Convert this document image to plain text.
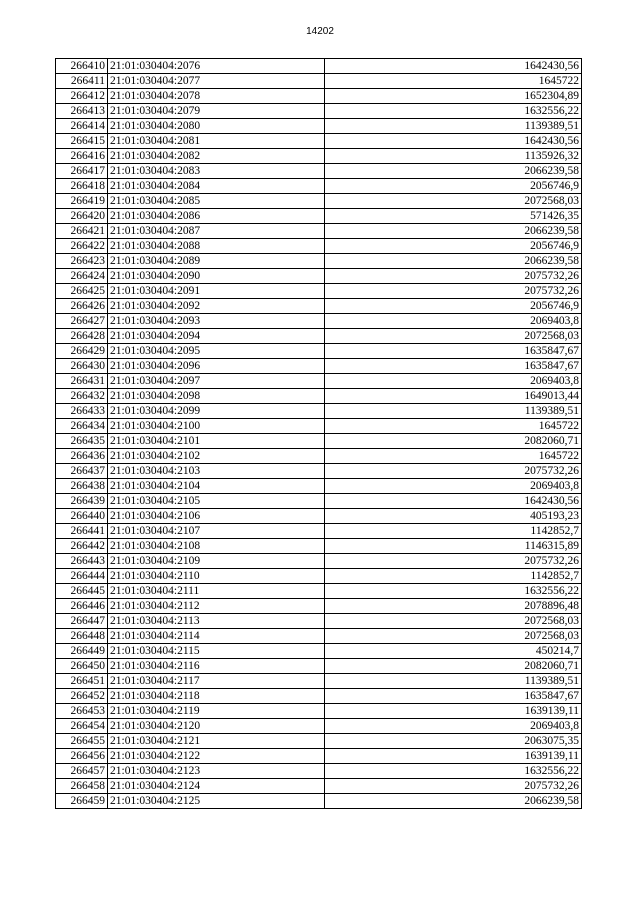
14202
266410	21:01:030404:2076	1642430,56
266411	21:01:030404:2077	1645722
266412	21:01:030404:2078	1652304,89
266413	21:01:030404:2079	1632556,22
266414	21:01:030404:2080	1139389,51
266415	21:01:030404:2081	1642430,56
266416	21:01:030404:2082	1135926,32
266417	21:01:030404:2083	2066239,58
266418	21:01:030404:2084	2056746,9
266419	21:01:030404:2085	2072568,03
266420	21:01:030404:2086	571426,35
266421	21:01:030404:2087	2066239,58
266422	21:01:030404:2088	2056746,9
266423	21:01:030404:2089	2066239,58
266424	21:01:030404:2090	2075732,26
266425	21:01:030404:2091	2075732,26
266426	21:01:030404:2092	2056746,9
266427	21:01:030404:2093	2069403,8
266428	21:01:030404:2094	2072568,03
266429	21:01:030404:2095	1635847,67
266430	21:01:030404:2096	1635847,67
266431	21:01:030404:2097	2069403,8
266432	21:01:030404:2098	1649013,44
266433	21:01:030404:2099	1139389,51
266434	21:01:030404:2100	1645722
266435	21:01:030404:2101	2082060,71
266436	21:01:030404:2102	1645722
266437	21:01:030404:2103	2075732,26
266438	21:01:030404:2104	2069403,8
266439	21:01:030404:2105	1642430,56
266440	21:01:030404:2106	405193,23
266441	21:01:030404:2107	1142852,7
266442	21:01:030404:2108	1146315,89
266443	21:01:030404:2109	2075732,26
266444	21:01:030404:2110	1142852,7
266445	21:01:030404:2111	1632556,22
266446	21:01:030404:2112	2078896,48
266447	21:01:030404:2113	2072568,03
266448	21:01:030404:2114	2072568,03
266449	21:01:030404:2115	450214,7
266450	21:01:030404:2116	2082060,71
266451	21:01:030404:2117	1139389,51
266452	21:01:030404:2118	1635847,67
266453	21:01:030404:2119	1639139,11
266454	21:01:030404:2120	2069403,8
266455	21:01:030404:2121	2063075,35
266456	21:01:030404:2122	1639139,11
266457	21:01:030404:2123	1632556,22
266458	21:01:030404:2124	2075732,26
266459	21:01:030404:2125	2066239,58
